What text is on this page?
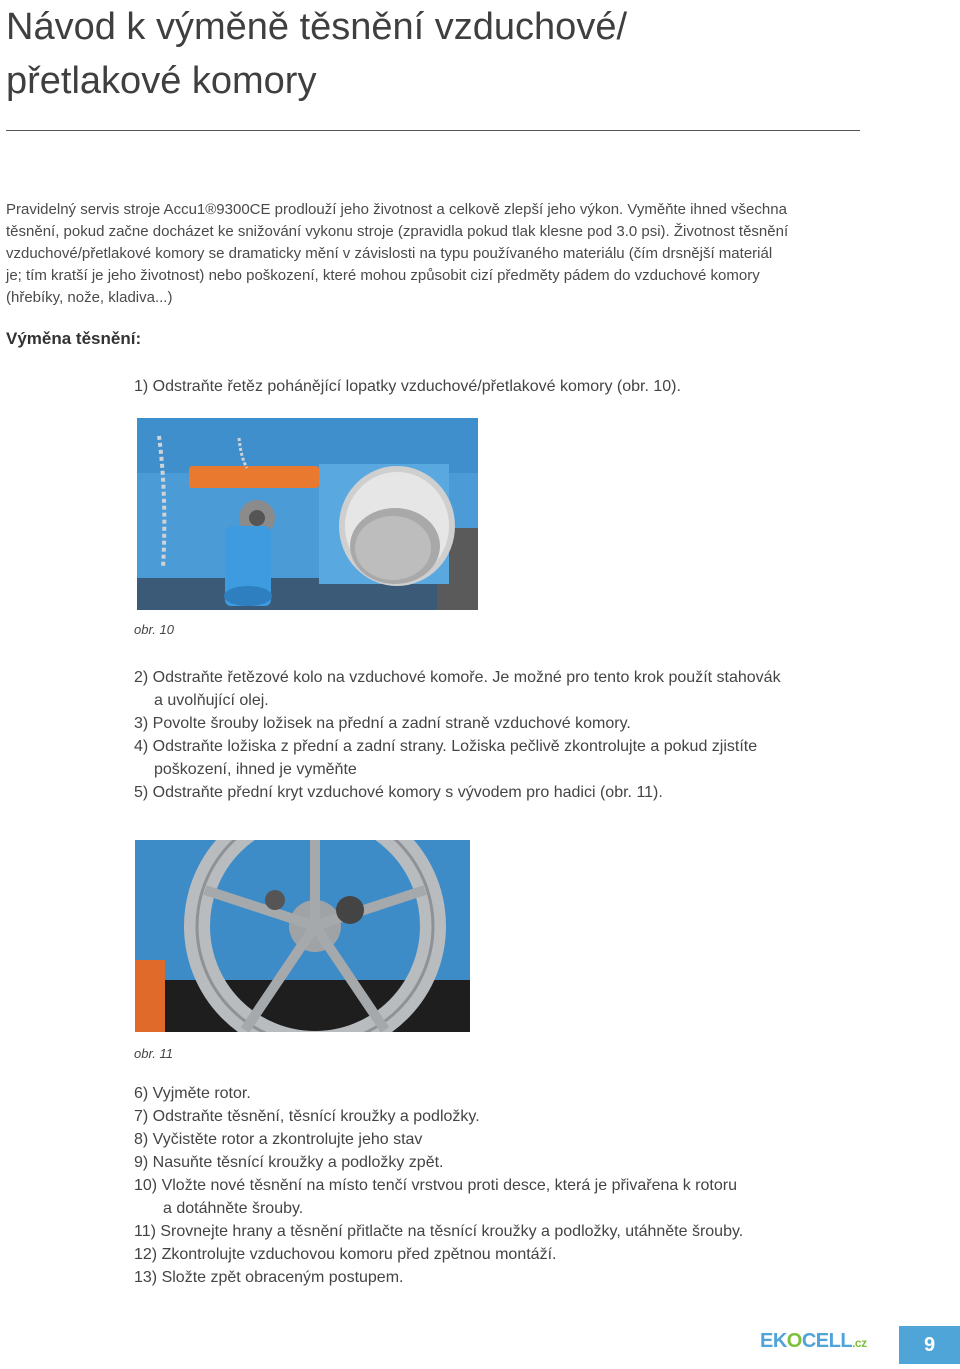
Návod k výměně těsnění vzduchové/
přetlakové komory

Pravidelný servis stroje Accu1®9300CE prodlouží jeho životnost a celkově zlepší jeho výkon. Vyměňte ihned všechna
těsnění, pokud začne docházet ke snižování vykonu stroje (zpravidla pokud tlak klesne pod 3.0 psi). Životnost těsnění
vzduchové/přetlakové komory se dramaticky mění v závislosti na typu používaného materiálu (čím drsnější materiál
je; tím kratší je jeho životnost) nebo poškození, které mohou způsobit cizí předměty pádem do vzduchové komory
(hřebíky, nože, kladiva...)

Výměna těsnění:

1) Odstraňte řetěz pohánějící lopatky vzduchové/přetlakové komory (obr. 10).

obr. 10

2) Odstraňte řetězové kolo na vzduchové komoře. Je možné pro tento krok použít stahovák

a uvolňující olej.

3) Povolte šrouby ložisek na přední a zadní straně vzduchové komory.

4) Odstraňte ložiska z přední a zadní strany. Ložiska pečlivě zkontrolujte a pokud zjistíte

poškození, ihned je vyměňte

5) Odstraňte přední kryt vzduchové komory s vývodem pro hadici (obr. 11).

obr. 11

6) Vyjměte rotor.

7) Odstraňte těsnění, těsnící kroužky a podložky.

8) Vyčistěte rotor a zkontrolujte jeho stav

9) Nasuňte těsnící kroužky a podložky zpět.

10) Vložte nové těsnění na místo tenčí vrstvou proti desce, která je přivařena k rotoru

a dotáhněte šrouby.

11) Srovnejte hrany a těsnění přitlačte na těsnící kroužky a podložky, utáhněte šrouby.

12) Zkontrolujte vzduchovou komoru před zpětnou montáží.

13) Složte zpět obraceným postupem.

EKOCELL.cz	9
